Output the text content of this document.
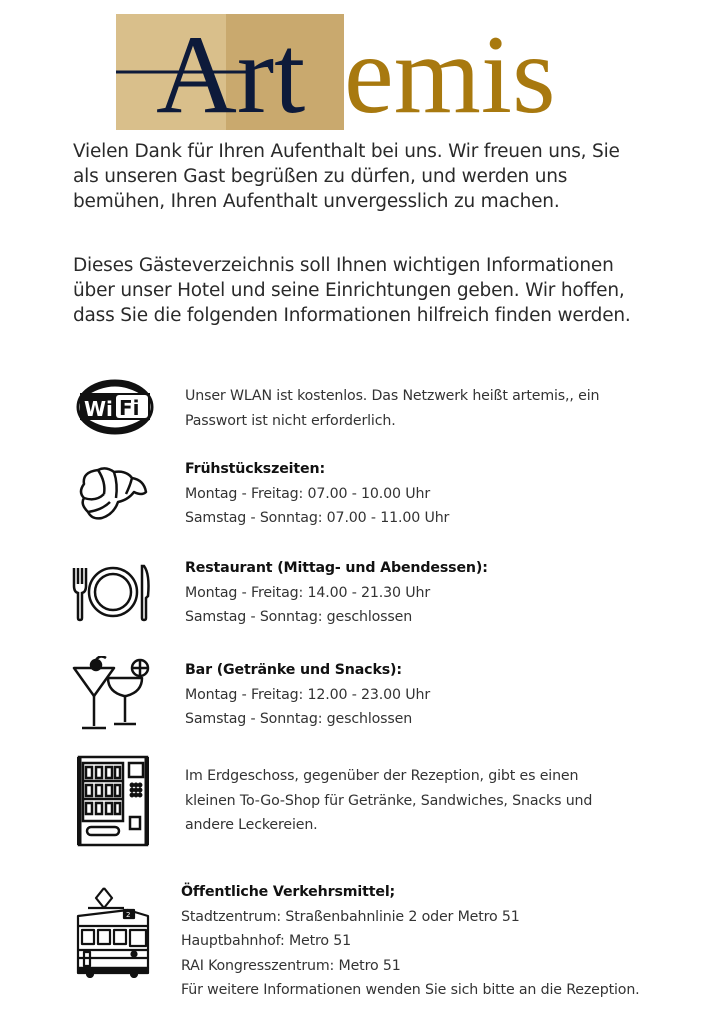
Art emis

Vielen Dank für Ihren Aufenthalt bei uns. Wir freuen uns, Sie

als unseren Gast begrüßen zu dürfen, und werden uns

bemühen, Ihren Aufenthalt unvergesslich zu machen.

Dieses Gästeverzeichnis soll Ihnen wichtigen Informationen

über unser Hotel und seine Einrichtungen geben. Wir hoffen,

dass Sie die folgenden Informationen hilfreich finden werden.

Wi Fi	Unser WLAN ist kostenlos. Das Netzwerk heißt artemis,, ein
Passwort ist nicht erforderlich.
Frühstückszeiten:
Montag - Freitag: 07.00 - 10.00 Uhr
Samstag - Sonntag: 07.00 - 11.00 Uhr
Restaurant (Mittag- und Abendessen):
Montag - Freitag: 14.00 - 21.30 Uhr
Samstag - Sonntag: geschlossen
Bar (Getränke und Snacks):
Montag - Freitag: 12.00 - 23.00 Uhr
Samstag - Sonntag: geschlossen
Im Erdgeschoss, gegenüber der Rezeption, gibt es einen
kleinen To-Go-Shop für Getränke, Sandwiches, Snacks und
andere Leckereien.
2
Öffentliche Verkehrsmittel;
Stadtzentrum: Straßenbahnlinie 2 oder Metro 51
Hauptbahnhof: Metro 51
RAI Kongresszentrum: Metro 51
Für weitere Informationen wenden Sie sich bitte an die Rezeption.
